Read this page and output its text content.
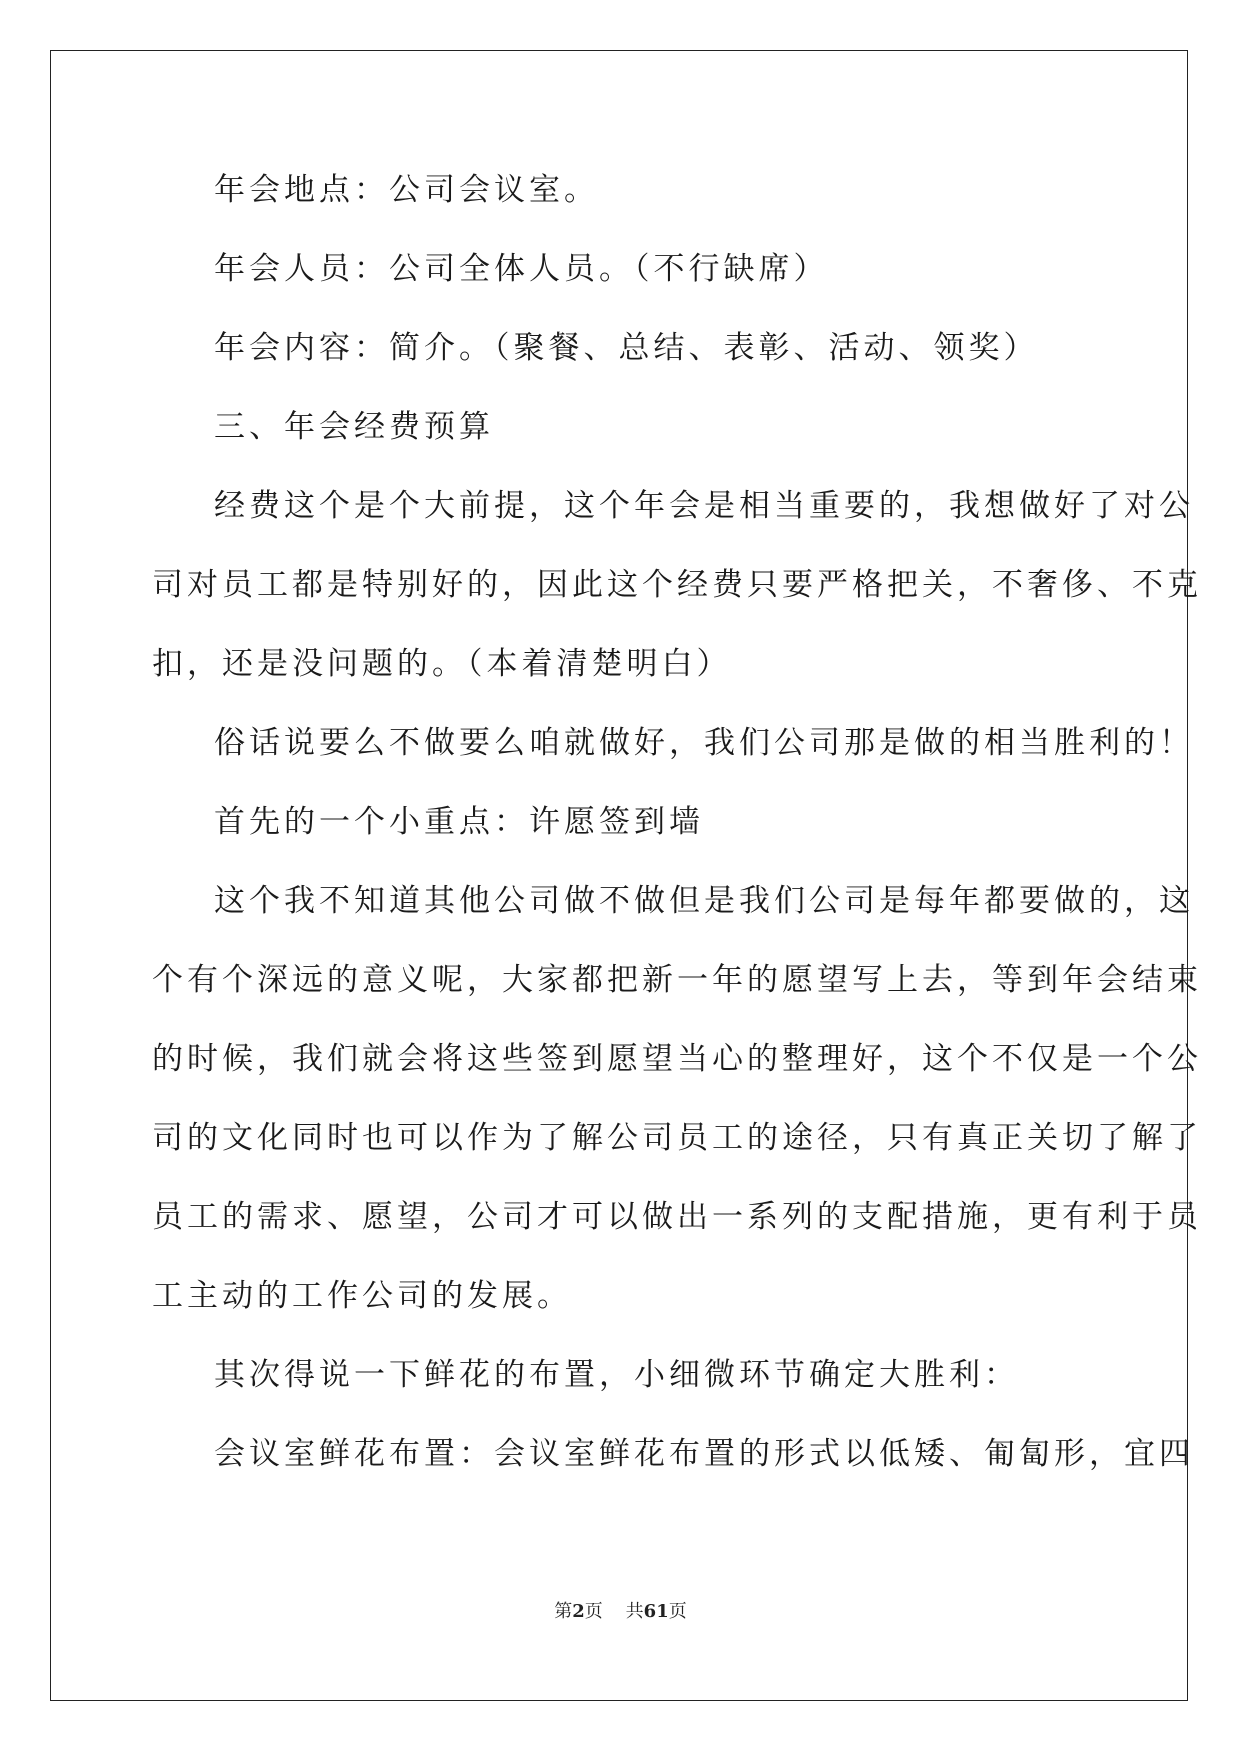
年会地点：公司会议室。
年会人员：公司全体人员。（不行缺席）
年会内容：简介。（聚餐、总结、表彰、活动、领奖）
三、年会经费预算
经费这个是个大前提，这个年会是相当重要的，我想做好了对公
司对员工都是特别好的，因此这个经费只要严格把关，不奢侈、不克
扣，还是没问题的。（本着清楚明白）
俗话说要么不做要么咱就做好，我们公司那是做的相当胜利的！
首先的一个小重点：许愿签到墙
这个我不知道其他公司做不做但是我们公司是每年都要做的，这
个有个深远的意义呢，大家都把新一年的愿望写上去，等到年会结束
的时候，我们就会将这些签到愿望当心的整理好，这个不仅是一个公
司的文化同时也可以作为了解公司员工的途径，只有真正关切了解了
员工的需求、愿望，公司才可以做出一系列的支配措施，更有利于员
工主动的工作公司的发展。
其次得说一下鲜花的布置，小细微环节确定大胜利：
会议室鲜花布置：会议室鲜花布置的形式以低矮、匍匐形，宜四
第2页 共61页
